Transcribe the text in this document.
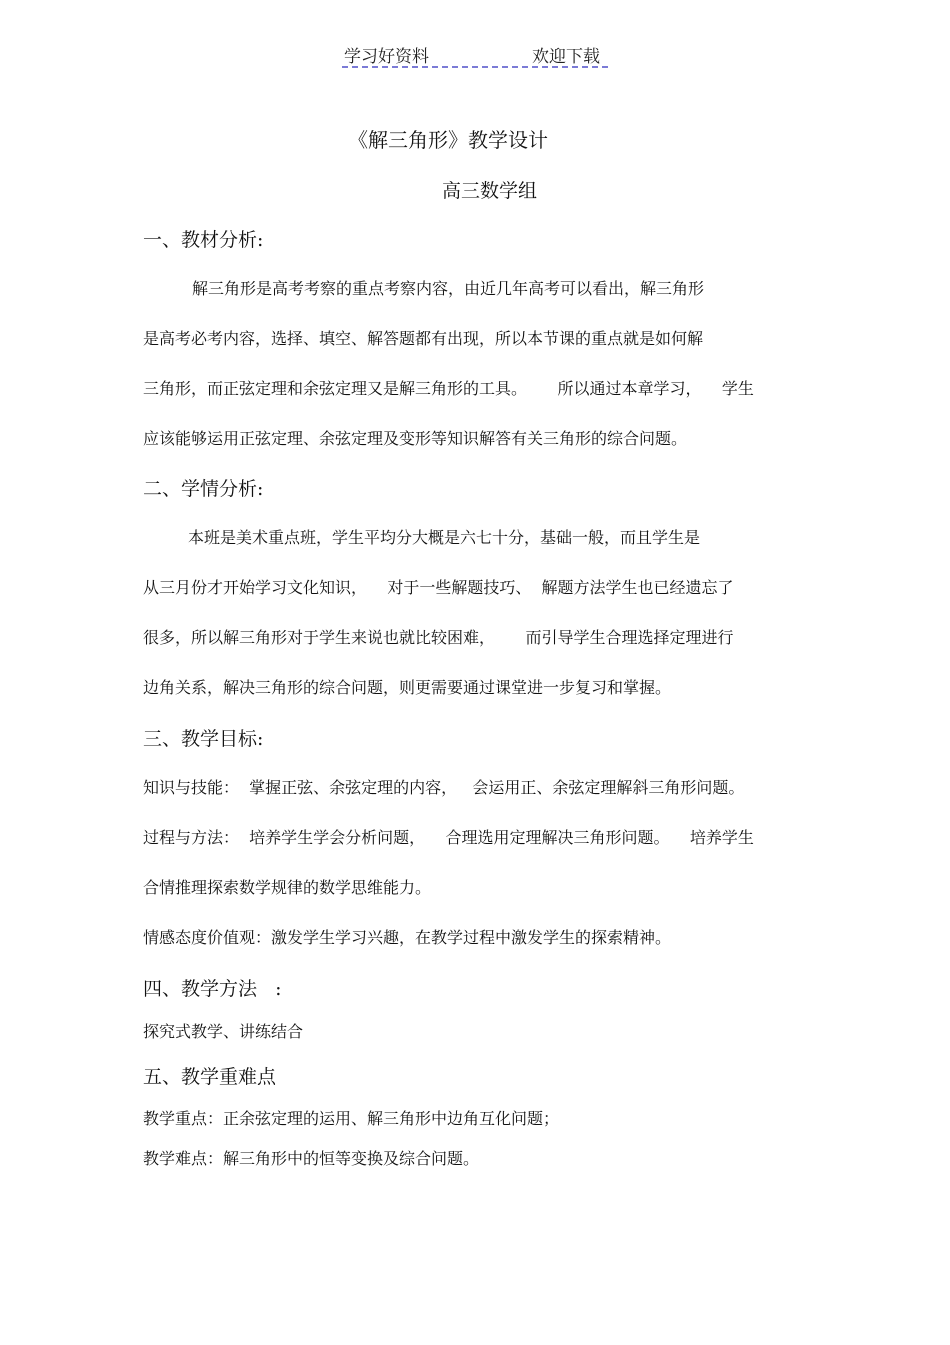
学习好资料	欢迎下载
《解三角形》教学设计
高三数学组
一、教材分析:
解三角形是高考考察的重点考察内容，由近几年高考可以看出，解三角形
是高考必考内容，选择、填空、解答题都有出现，所以本节课的重点就是如何解
三角形，而正弦定理和余弦定理又是解三角形的工具。      所以通过本章学习，    学生
应该能够运用正弦定理、余弦定理及变形等知识解答有关三角形的综合问题。
二、学情分析:
本班是美术重点班，学生平均分大概是六七十分，基础一般，而且学生是
从三月份才开始学习文化知识，    对于一些解题技巧、  解题方法学生也已经遗忘了
很多，所以解三角形对于学生来说也就比较困难，      而引导学生合理选择定理进行
边角关系，解决三角形的综合问题，则更需要通过课堂进一步复习和掌握。
三、教学目标:
知识与技能：  掌握正弦、余弦定理的内容，   会运用正、余弦定理解斜三角形问题。
过程与方法：  培养学生学会分析问题，    合理选用定理解决三角形问题。    培养学生
合情推理探索数学规律的数学思维能力。
情感态度价值观：激发学生学习兴趣，在教学过程中激发学生的探索精神。
四、教学方法   :
探究式教学、讲练结合
五、教学重难点
教学重点：正余弦定理的运用、解三角形中边角互化问题；
教学难点：解三角形中的恒等变换及综合问题。
